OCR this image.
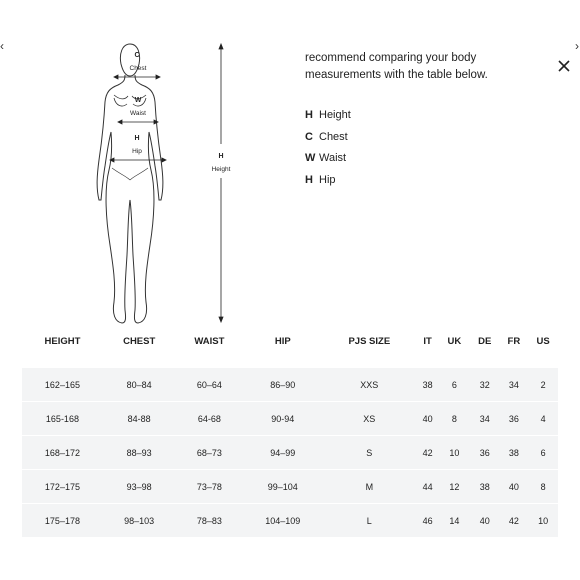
‹	›
C
Chest
W
Waist
H
Hip
H
Height

recommend comparing your body measurements with the table below.

H Height
C Chest
W Waist
H Hip
HEIGHT	CHEST	WAIST	HIP	PJS SIZE	IT	UK	DE	FR	US

162–165	80–84	60–64	86–90	XXS	38	6	32	34	2

165-168	84-88	64-68	90-94	XS	40	8	34	36	4

168–172	88–93	68–73	94–99	S	42	10	36	38	6

172–175	93–98	73–78	99–104	M	44	12	38	40	8

175–178	98–103	78–83	104–109	L	46	14	40	42	10
